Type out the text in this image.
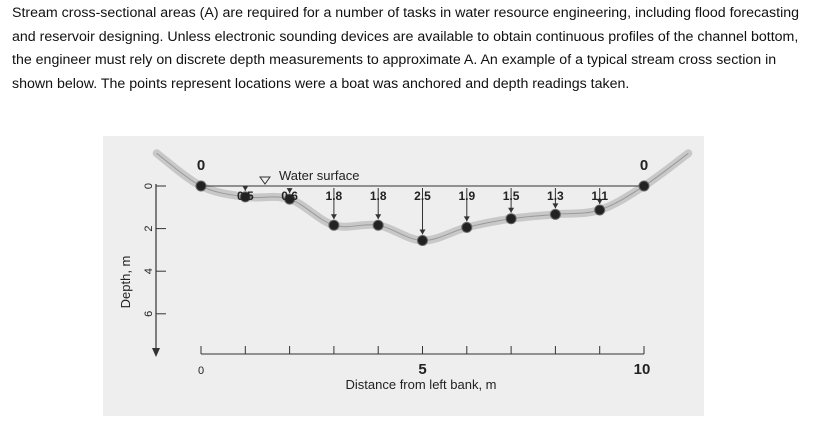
Stream cross-sectional areas (A) are required for a number of tasks in water resource engineering, including flood forecasting and reservoir designing. Unless electronic sounding devices are available to obtain continuous profiles of the channel bottom, the engineer must rely on discrete depth measurements to approximate A. An example of a typical stream cross section in shown below. The points represent locations were a boat was anchored and depth readings taken.

0
2
4
6
Depth, m
0	5	10
Distance from left bank, m
Water surface
0
0.5 0.6 1.8 1.8 2.5 1.9 1.5 1.3 1.1
0
